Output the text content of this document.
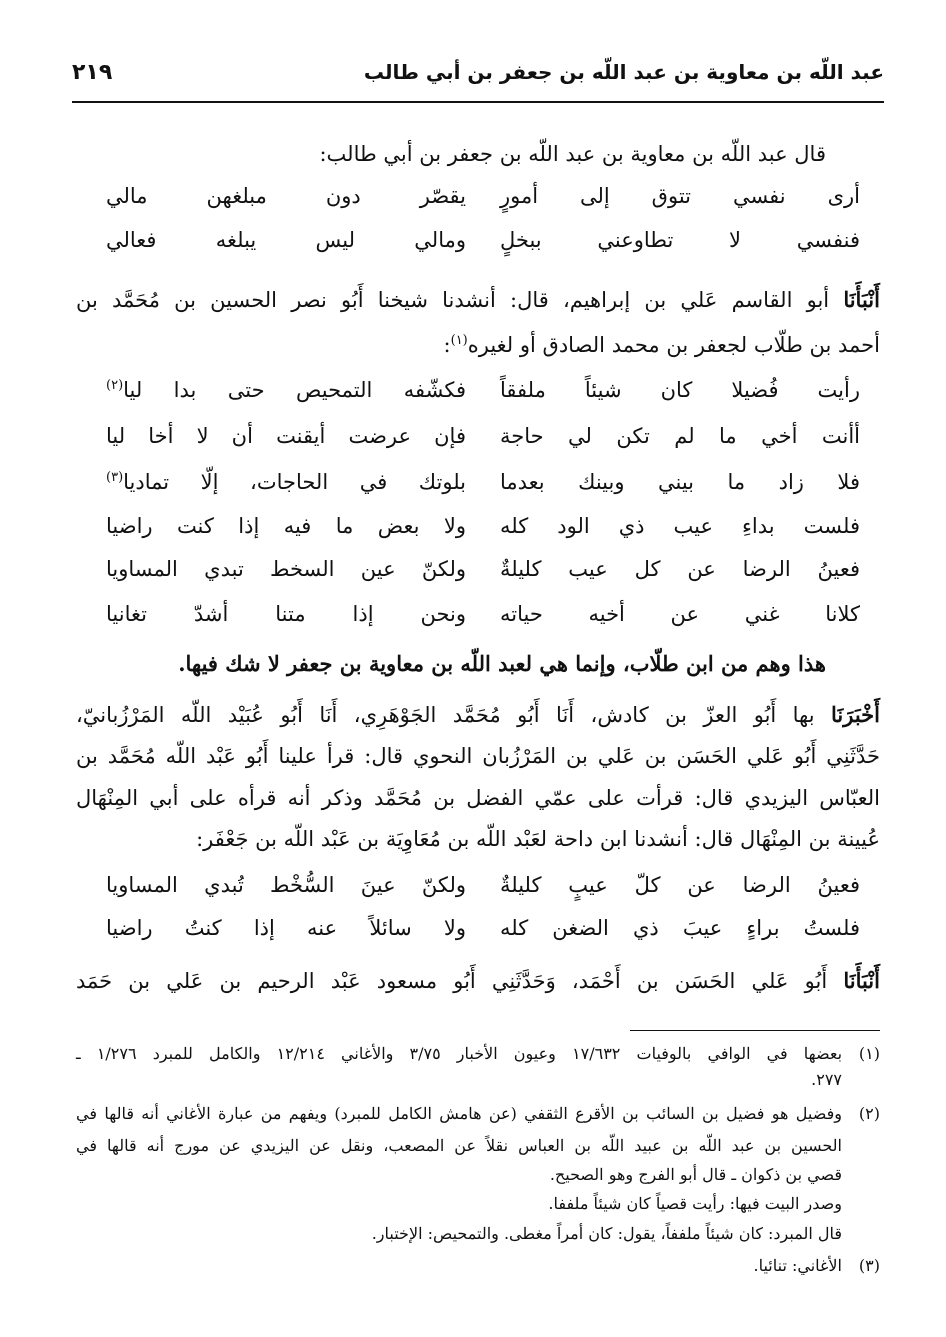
عبد اللّه بن معاوية بن عبد اللّه بن جعفر بن أبي طالب
٢١٩
قال عبد اللّه بن معاوية بن عبد اللّه بن جعفر بن أبي طالب:
أرى نفسي تتوق إلى أمورٍ
يقصّر دون مبلغهن مالي
فنفسي لا تطاوعني ببخلٍ
ومالي ليس يبلغه فعالي
أَنْبَأَنَا أبو القاسم عَلي بن إبراهيم، قال: أنشدنا شيخنا أَبُو نصر الحسين بن مُحَمَّد بن
أحمد بن طلّاب لجعفر بن محمد الصادق أو لغيره$^{(١)}$:
رأيت فُضيلا كان شيئاً ملفقاً
فكشّفه التمحيص حتى بدا ليا$^{(٢)}$
أأنت أخي ما لم تكن لي حاجة
فإن عرضت أيقنت أن لا أخا ليا
فلا زاد ما بيني وبينك بعدما
بلوتك في الحاجات، إلّا تماديا$^{(٣)}$
فلست بداءِ عيب ذي الود كله
ولا بعض ما فيه إذا كنت راضيا
فعينُ الرضا عن كل عيب كليلةٌ
ولكنّ عين السخط تبدي المساويا
كلانا غني عن أخيه حياته
ونحن إذا متنا أشدّ تغانيا
هذا وهم من ابن طلّاب، وإنما هي لعبد اللّه بن معاوية بن جعفر لا شك فيها.
أَخْبَرَنَا بها أَبُو العزّ بن كادش، أَنَا أَبُو مُحَمَّد الجَوْهَرِي، أَنَا أَبُو عُبَيْد اللّه المَرْزُبانيّ،
حَدَّثَنِي أَبُو عَلي الحَسَن بن عَلي بن المَرْزُبان النحوي قال: قرأ علينا أَبُو عَبْد اللّه مُحَمَّد بن
العبّاس اليزيدي قال: قرأت على عمّي الفضل بن مُحَمَّد وذكر أنه قرأه على أبي المِنْهَال
عُيينة بن المِنْهَال قال: أنشدنا ابن داحة لعَبْد اللّه بن مُعَاوِيَة بن عَبْد اللّه بن جَعْفَر:
فعينُ الرضا عن كلّ عيبٍ كليلةٌ
ولكنّ عينَ السُّخْط تُبدي المساويا
فلستُ براءٍ عيبَ ذي الضغن كله
ولا سائلاً عنه إذا كنتُ راضيا
أَنْبَأَنَا أَبُو عَلي الحَسَن بن أَحْمَد، وَحَدَّثَنِي أَبُو مسعود عَبْد الرحيم بن عَلي بن حَمَد
(١)
بعضها في الوافي بالوفيات ١٧/٦٣٢ وعيون الأخبار ٣/٧٥ والأغاني ١٢/٢١٤ والكامل للمبرد ١/٢٧٦ ـ
٢٧٧.
(٢)
وفضيل هو فضيل بن السائب بن الأقرع الثقفي (عن هامش الكامل للمبرد) ويفهم من عبارة الأغاني أنه قالها في
الحسين بن عبد اللّه بن عبيد اللّه بن العباس نقلاً عن المصعب، ونقل عن اليزيدي عن مورج أنه قالها في
قصي بن ذكوان ـ قال أبو الفرج وهو الصحيح.
وصدر البيت فيها: رأيت قصياً كان شيئاً ملففا.
قال المبرد: كان شيئاً ملففاً، يقول: كان أمراً مغطى. والتمحيص: الإختبار.
(٣)
الأغاني: تنائيا.
